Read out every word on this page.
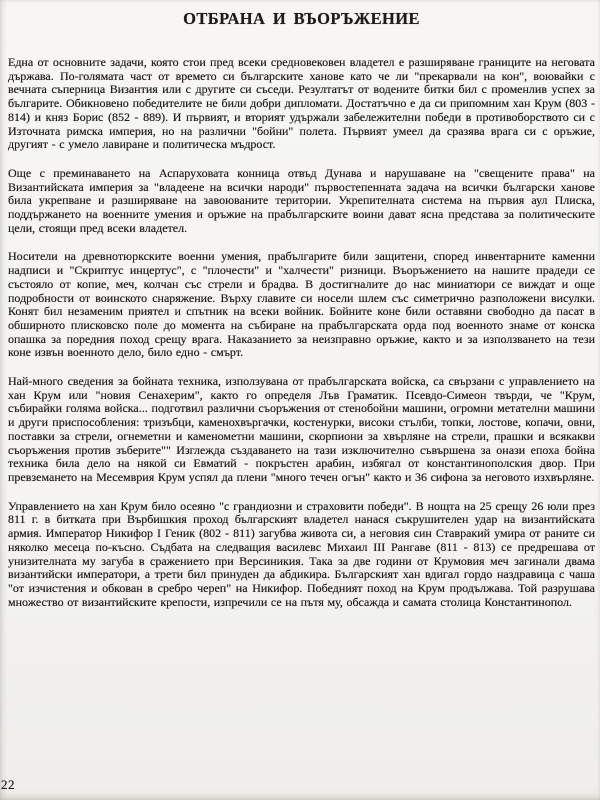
ОТБРАНА И ВЪОРЪЖЕНИЕ

Една от основните задачи, която стои пред всеки средновековен владетел е разширяване границите на неговата държава. По-голямата част от времето си българските ханове като че ли "прекарвали на кон", воювайки с вечната съперница Византия или с другите си съседи. Резултатът от водените битки бил с променлив успех за българите. Обикновено победителите не били добри дипломати. Достатъчно е да си припомним хан Крум (803 - 814) и княз Борис (852 - 889). И първият, и вторият удържали забележителни победи в противоборството си с Източната римска империя, но на различни "бойни" полета. Първият умеел да сразява врага си с оръжие, другият - с умело лавиране и политическа мъдрост.

Още с преминаването на Аспаруховата конница отвъд Дунава и нарушаване на "свещените права" на Византийската империя за "владеене на всички народи" първостепенната задача на всички български ханове била укрепване и разширяване на завоюваните територии. Укрепителната система на първия аул Плиска, поддържането на военните умения и оръжие на прабългарските воини дават ясна представа за политическите цели, стоящи пред всеки владетел.

Носители на древнотюркските военни умения, прабългарите били защитени, според инвентарните каменни надписи и "Скриптус инцертус", с "плочести" и "халчести" ризници. Въоръжението на нашите прадеди се състояло от копие, меч, колчан със стрели и брадва. В достигналите до нас миниатюри се виждат и още подробности от воинското снаряжение. Върху главите си носели шлем със симетрично разположени висулки. Конят бил незаменим приятел и спътник на всеки войник. Бойните коне били оставяни свободно да пасат в обширното плисковско поле до момента на събиране на прабългарската орда под военното знаме от конска опашка за поредния поход срещу врага. Наказанието за неизправно оръжие, както и за използването на тези коне извън военното дело, било едно - смърт.

Най-много сведения за бойната техника, използувана от прабългарската войска, са свързани с управлението на хан Крум или "новия Сенахерим", както го определя Лъв Граматик. Псевдо-Симеон твърди, че "Крум, събирайки голяма войска... подготвил различни съоръжения от стенобойни машини, огромни метателни машини и други приспособления: тризъбци, каменохвъргачки, костенурки, високи стълби, топки, лостове, копачи, овни, поставки за стрели, огнеметни и каменометни машини, скорпиони за хвърляне на стрели, прашки и всякакви съоръжения против зъберите"" Изглежда създаването на тази изключително съвършена за онази епоха бойна техника била дело на някой си Евматий - покръстен арабин, избягал от константинополския двор. При превземането на Месемврия Крум успял да плени "много течен огън" както и 36 сифона за неговото изхвърляне.

Управлението на хан Крум било осеяно "с грандиозни и страховити победи". В нощта на 25 срещу 26 юли през 811 г. в битката при Върбишкия проход българският владетел нанася съкрушителен удар на византийската армия. Император Никифор I Геник (802 - 811) загубва живота си, а неговия син Ставракий умира от раните си няколко месеца по-късно. Съдбата на следващия василевс Михаил III Рангаве (811 - 813) се предрешава от унизителната му загуба в сражението при Версиникия. Така за две години от Крумовия меч загинали двама византийски императори, а трети бил принуден да абдикира. Българският хан вдигал гордо наздравица с чаша "от изчистения и обкован в сребро череп" на Никифор. Победният поход на Крум продължава. Той разрушава множество от византийските крепости, изпречили се на пътя му, обсажда и самата столица Константинопол.

22
